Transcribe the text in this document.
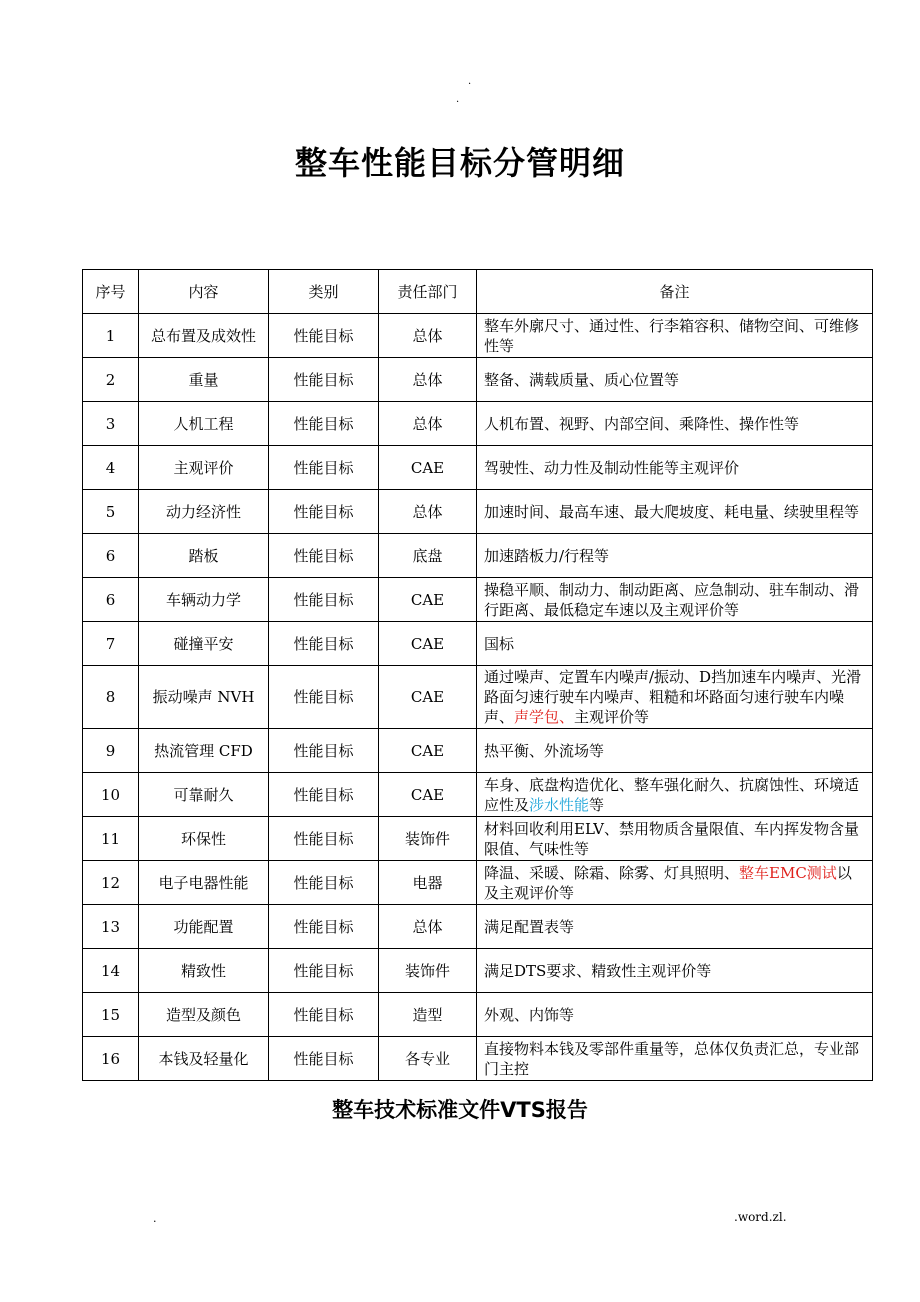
.
.
整车性能目标分管明细
序号	内容	类别	责任部门	备注
1	总布置及成效性	性能目标	总体	整车外廓尺寸、通过性、行李箱容积、储物空间、可维修性等
2	重量	性能目标	总体	整备、满载质量、质心位置等
3	人机工程	性能目标	总体	人机布置、视野、内部空间、乘降性、操作性等
4	主观评价	性能目标	CAE	驾驶性、动力性及制动性能等主观评价
5	动力经济性	性能目标	总体	加速时间、最高车速、最大爬坡度、耗电量、续驶里程等
6	踏板	性能目标	底盘	加速踏板力/行程等
6	车辆动力学	性能目标	CAE	操稳平顺、制动力、制动距离、应急制动、驻车制动、滑行距离、最低稳定车速以及主观评价等
7	碰撞平安	性能目标	CAE	国标
8	振动噪声 NVH	性能目标	CAE	通过噪声、定置车内噪声/振动、D挡加速车内噪声、光滑路面匀速行驶车内噪声、粗糙和坏路面匀速行驶车内噪声、声学包、主观评价等
9	热流管理 CFD	性能目标	CAE	热平衡、外流场等
10	可靠耐久	性能目标	CAE	车身、底盘构造优化、整车强化耐久、抗腐蚀性、环境适应性及涉水性能等
11	环保性	性能目标	装饰件	材料回收利用ELV、禁用物质含量限值、车内挥发物含量限值、气味性等
12	电子电器性能	性能目标	电器	降温、采暖、除霜、除雾、灯具照明、整车EMC测试以及主观评价等
13	功能配置	性能目标	总体	满足配置表等
14	精致性	性能目标	装饰件	满足DTS要求、精致性主观评价等
15	造型及颜色	性能目标	造型	外观、内饰等
16	本钱及轻量化	性能目标	各专业	直接物料本钱及零部件重量等，总体仅负责汇总，专业部门主控
整车技术标准文件VTS报告
.	.word.zl.
